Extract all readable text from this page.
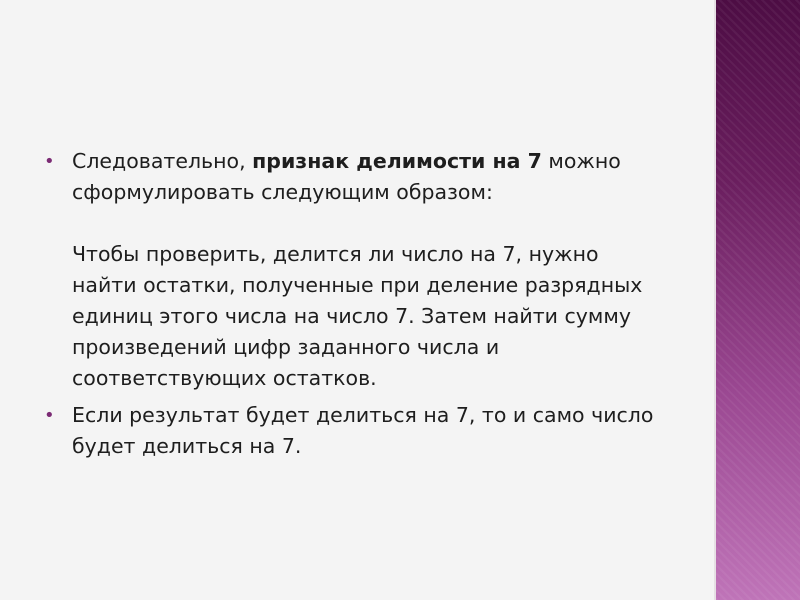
• Следовательно, признак делимости на 7 можно сформулировать следующим образом:
Чтобы проверить, делится ли число на 7, нужно найти остатки, полученные при деление разрядных единиц этого числа на число 7. Затем найти сумму произведений цифр заданного числа и соответствующих остатков.
• Если результат будет делиться на 7, то и само число будет делиться на 7.
